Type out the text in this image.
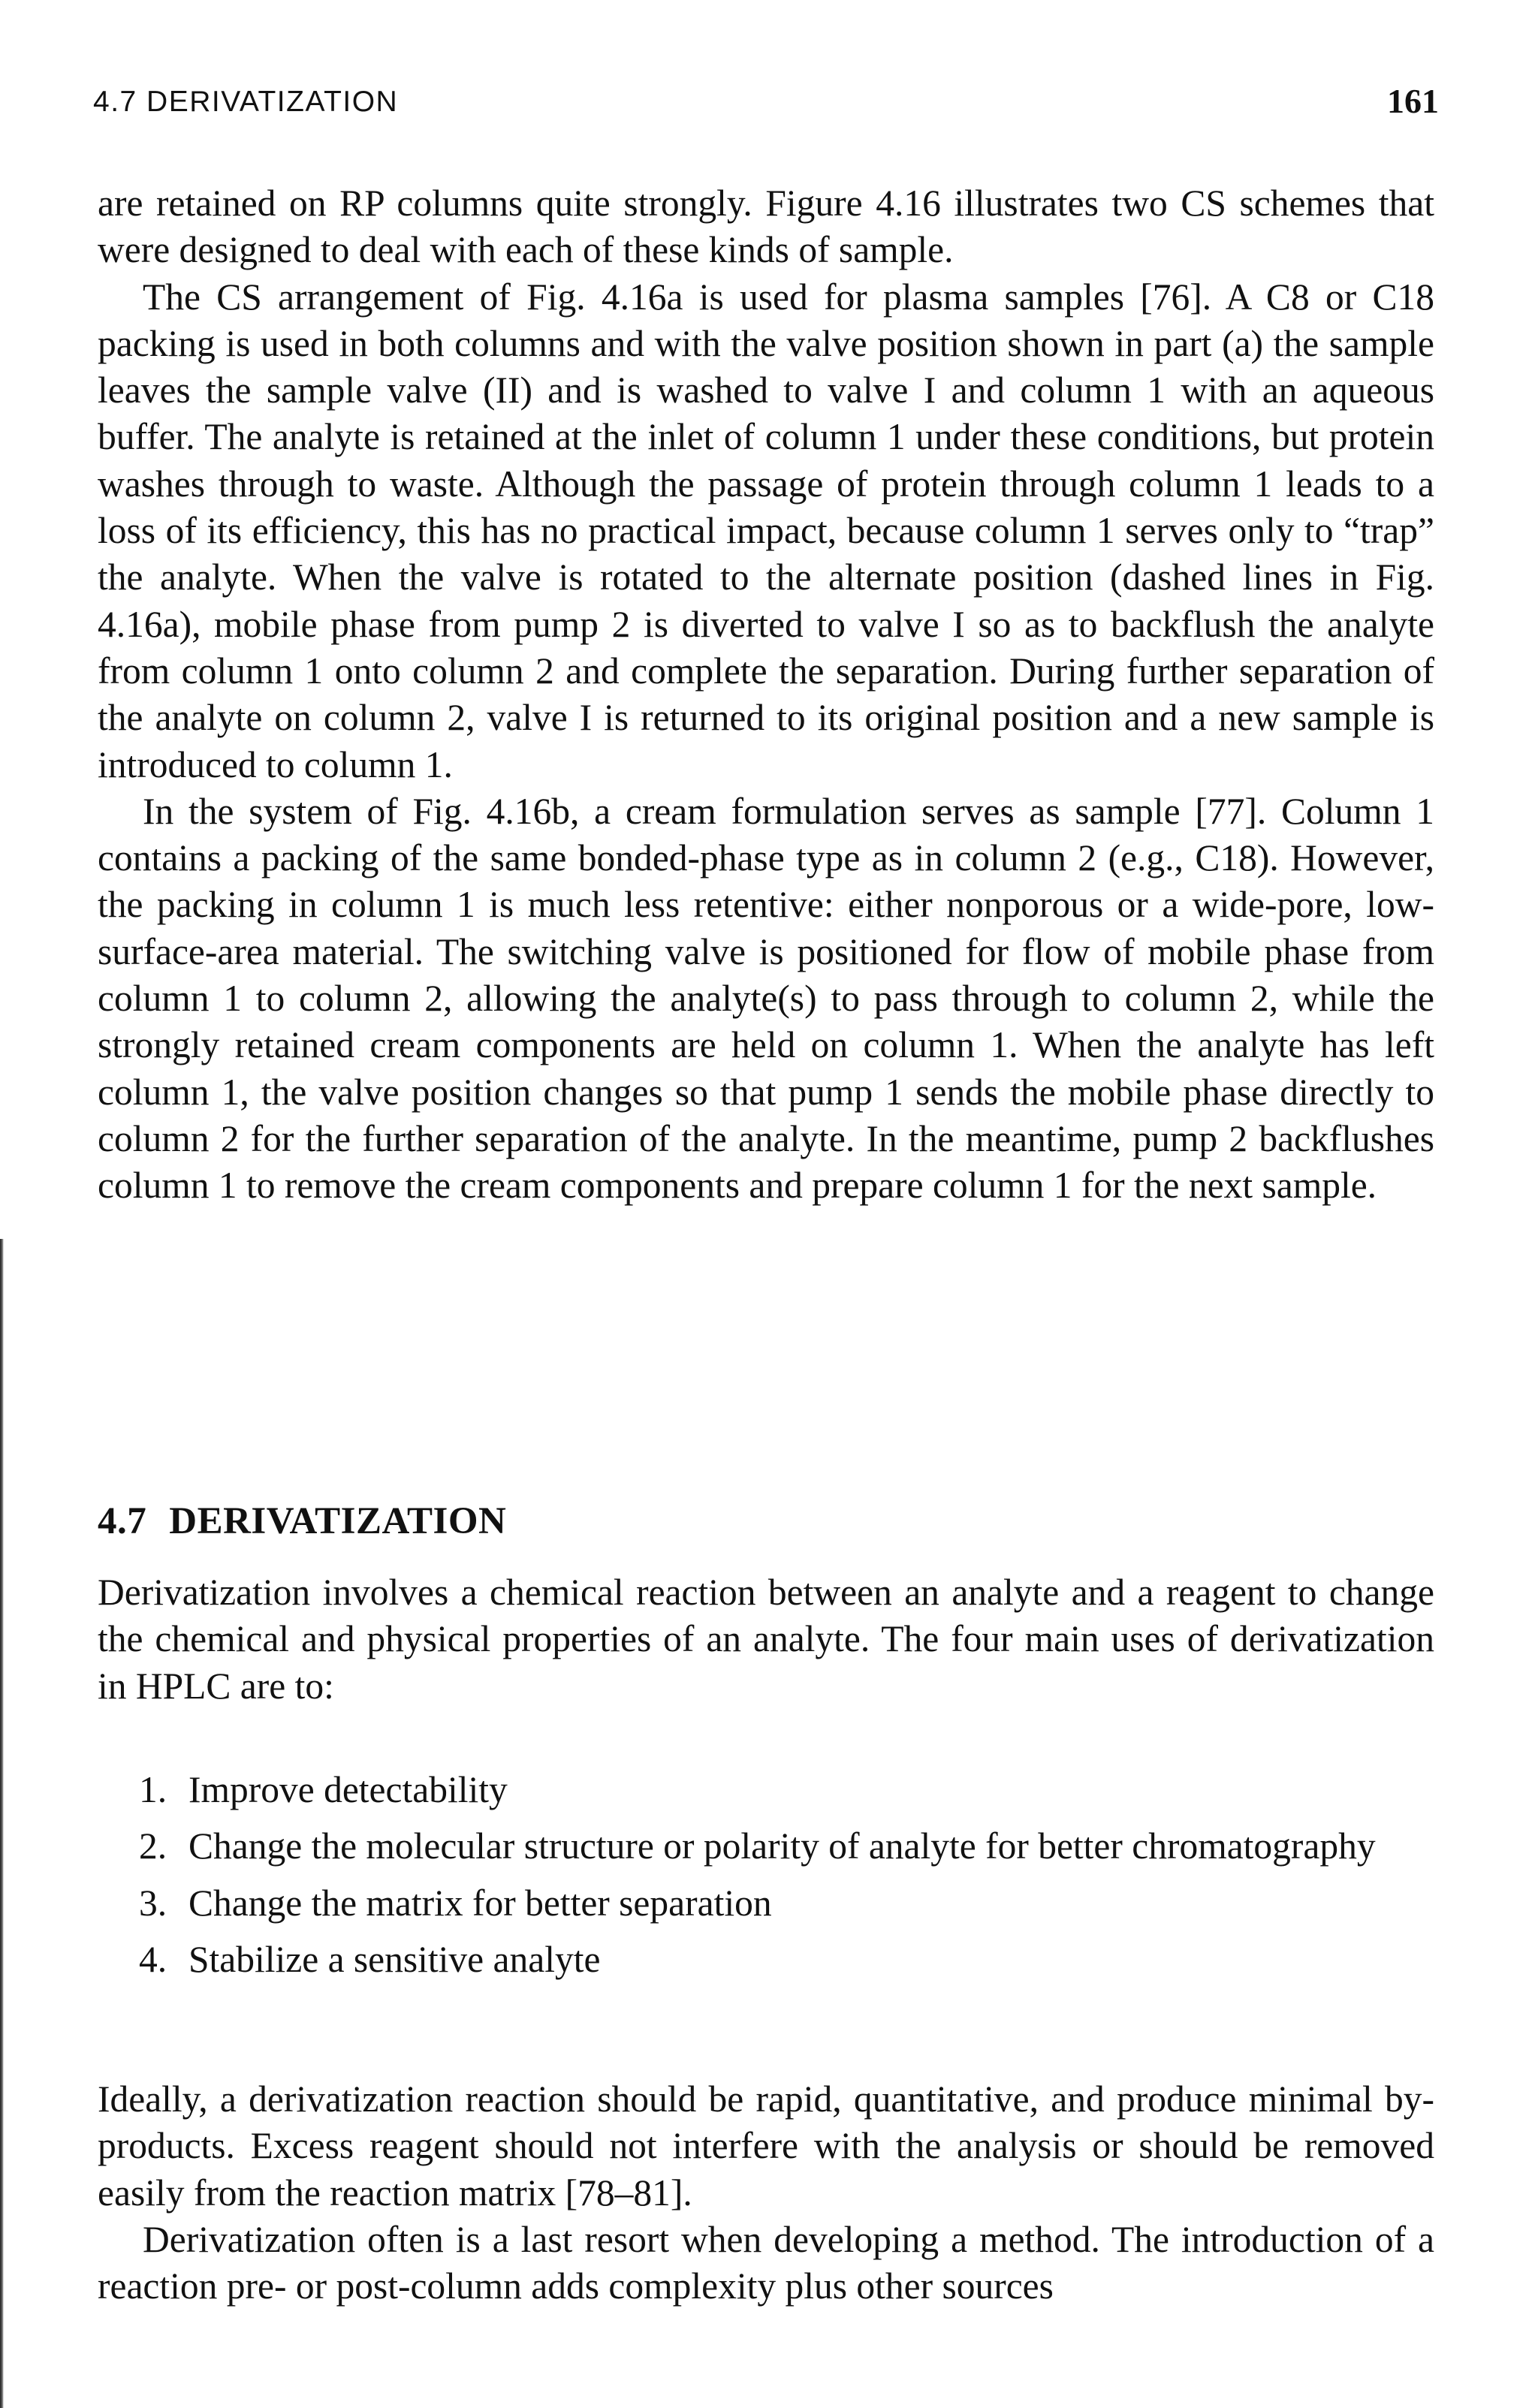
4.7 DERIVATIZATION	161

are retained on RP columns quite strongly. Figure 4.16 illustrates two CS schemes that were designed to deal with each of these kinds of sample.

The CS arrangement of Fig. 4.16a is used for plasma samples [76]. A C8 or C18 packing is used in both columns and with the valve position shown in part (a) the sample leaves the sample valve (II) and is washed to valve I and column 1 with an aqueous buffer. The analyte is retained at the inlet of column 1 under these conditions, but protein washes through to waste. Although the passage of protein through column 1 leads to a loss of its efficiency, this has no practical impact, because column 1 serves only to “trap” the analyte. When the valve is rotated to the alternate position (dashed lines in Fig. 4.16a), mobile phase from pump 2 is diverted to valve I so as to backflush the analyte from column 1 onto column 2 and complete the separation. During further separation of the analyte on column 2, valve I is returned to its original position and a new sample is introduced to column 1.

In the system of Fig. 4.16b, a cream formulation serves as sample [77]. Column 1 contains a packing of the same bonded-phase type as in column 2 (e.g., C18). However, the packing in column 1 is much less retentive: either nonporous or a wide-pore, low-surface-area material. The switching valve is positioned for flow of mobile phase from column 1 to column 2, allowing the analyte(s) to pass through to column 2, while the strongly retained cream components are held on column 1. When the analyte has left column 1, the valve position changes so that pump 1 sends the mobile phase directly to column 2 for the further separation of the analyte. In the meantime, pump 2 backflushes column 1 to remove the cream components and prepare column 1 for the next sample.

4.7 DERIVATIZATION

Derivatization involves a chemical reaction between an analyte and a reagent to change the chemical and physical properties of an analyte. The four main uses of derivatization in HPLC are to:

1. Improve detectability
2. Change the molecular structure or polarity of analyte for better chromatography
3. Change the matrix for better separation
4. Stabilize a sensitive analyte

Ideally, a derivatization reaction should be rapid, quantitative, and produce minimal by-products. Excess reagent should not interfere with the analysis or should be removed easily from the reaction matrix [78–81].

Derivatization often is a last resort when developing a method. The introduction of a reaction pre- or post-column adds complexity plus other sources
